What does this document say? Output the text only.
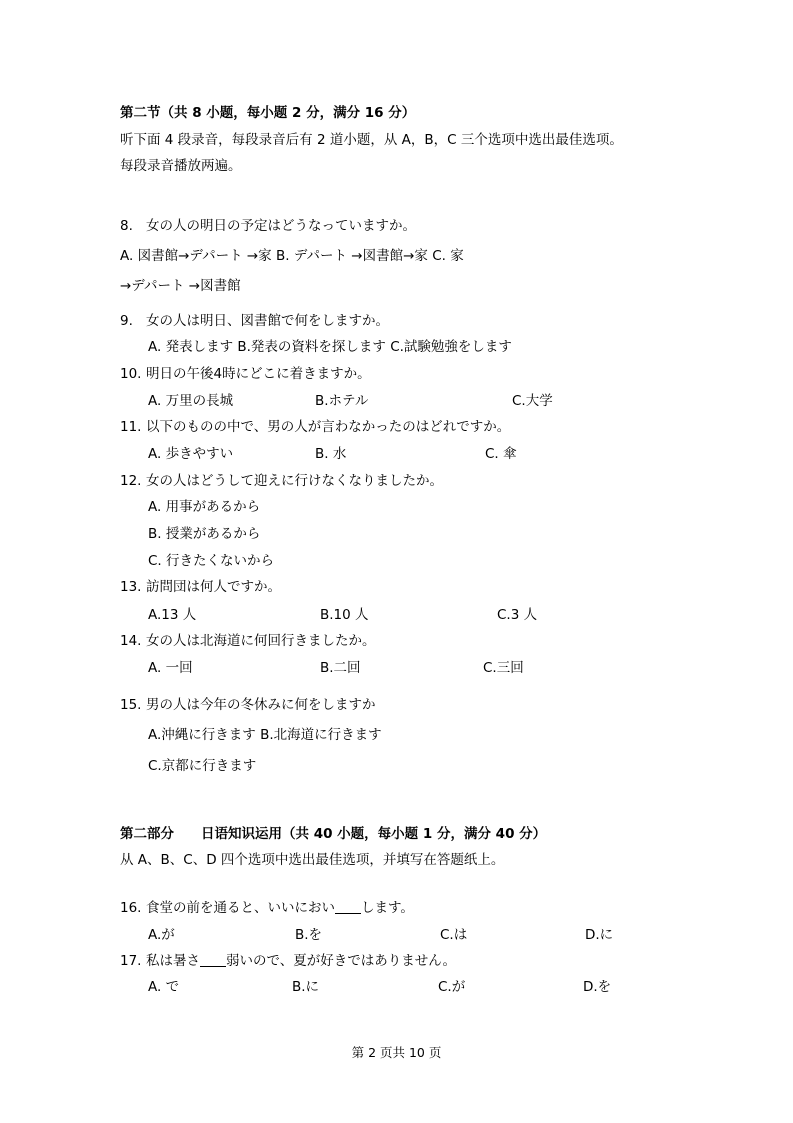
第二节（共 8 小题，每小题 2 分，满分 16 分）
听下面 4 段录音，每段录音后有 2 道小题，从 A，B，C 三个选项中选出最佳选项。
每段录音播放两遍。
8. 女の人の明日の予定はどうなっていますか。
A. 図書館→デパート →家 B. デパート →図書館→家 C. 家
→デパート →図書館
9. 女の人は明日、図書館で何をしますか。
A. 発表します B.発表の資料を探します C.試験勉強をします
10. 明日の午後4時にどこに着きますか。
A. 万里の長城	B.ホテル	C.大学
11. 以下のものの中で、男の人が言わなかったのはどれですか。
A. 歩きやすい	B. 水	C. 傘
12. 女の人はどうして迎えに行けなくなりましたか。
A. 用事があるから
B. 授業があるから
C. 行きたくないから
13. 訪問団は何人ですか。
A.13 人	B.10 人	C.3 人
14. 女の人は北海道に何回行きましたか。
A. 一回	B.二回	C.三回
15. 男の人は今年の冬休みに何をしますか
A.沖縄に行きます B.北海道に行きます
C.京都に行きます
第二部分　　日语知识运用（共 40 小题，每小题 1 分，满分 40 分）
从 A、B、C、D 四个选项中选出最佳选项，并填写在答题纸上。
16. 食堂の前を通ると、いいにおい します。
A.が	B.を	C.は	D.に
17. 私は暑さ 弱いので、夏が好きではありません。
A. で	B.に	C.が	D.を
第 2 页共 10 页
